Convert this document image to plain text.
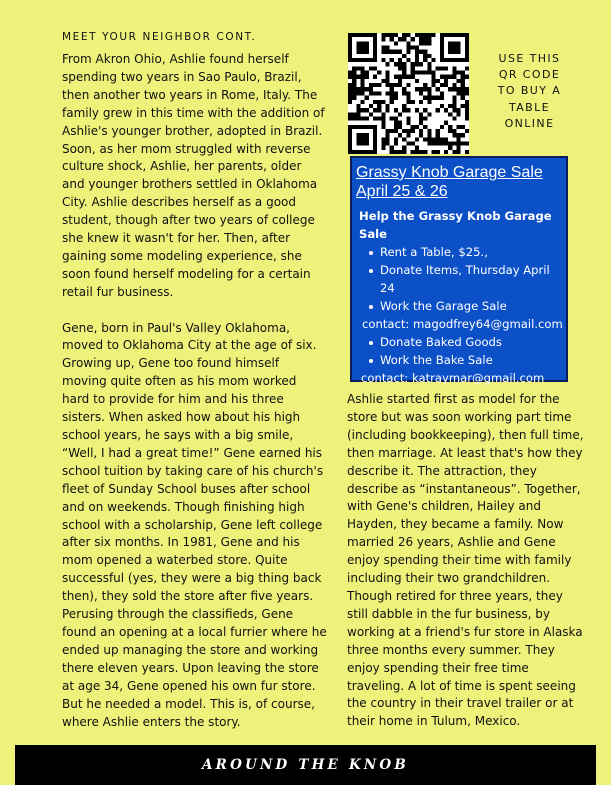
MEET YOUR NEIGHBOR CONT.

From Akron Ohio, Ashlie found herself spending two years in Sao Paulo, Brazil, then another two years in Rome, Italy. The family grew in this time with the addition of Ashlie's younger brother, adopted in Brazil. Soon, as her mom struggled with reverse culture shock, Ashlie, her parents, older and younger brothers settled in Oklahoma City. Ashlie describes herself as a good student, though after two years of college she knew it wasn't for her. Then, after gaining some modeling experience, she soon found herself modeling for a certain retail fur business.

Gene, born in Paul's Valley Oklahoma, moved to Oklahoma City at the age of six. Growing up, Gene too found himself moving quite often as his mom worked hard to provide for him and his three sisters. When asked how about his high school years, he says with a big smile, “Well, I had a great time!” Gene earned his school tuition by taking care of his church's fleet of Sunday School buses after school and on weekends. Though finishing high school with a scholarship, Gene left college after six months. In 1981, Gene and his mom opened a waterbed store. Quite successful (yes, they were a big thing back then), they sold the store after five years. Perusing through the classifieds, Gene found an opening at a local furrier where he ended up managing the store and working there eleven years. Upon leaving the store at age 34, Gene opened his own fur store. But he needed a model. This is, of course, where Ashlie enters the story.

USE THIS
QR CODE
TO BUY A
TABLE
ONLINE
Grassy Knob Garage Sale
April 25 & 26
Help the Grassy Knob Garage Sale
Rent a Table, $25.,
Donate Items, Thursday April 24
Work the Garage Sale
contact: magodfrey64@gmail.com
Donate Baked Goods
Work the Bake Sale
contact: katraymar@gmail.com

Ashlie started first as model for the store but was soon working part time (including bookkeeping), then full time, then marriage. At least that's how they describe it. The attraction, they describe as “instantaneous”. Together, with Gene's children, Hailey and Hayden, they became a family. Now married 26 years, Ashlie and Gene enjoy spending their time with family including their two grandchildren.

Though retired for three years, they still dabble in the fur business, by working at a friend's fur store in Alaska three months every summer. They enjoy spending their free time traveling. A lot of time is spent seeing the country in their travel trailer or at their home in Tulum, Mexico.

AROUND THE KNOB
